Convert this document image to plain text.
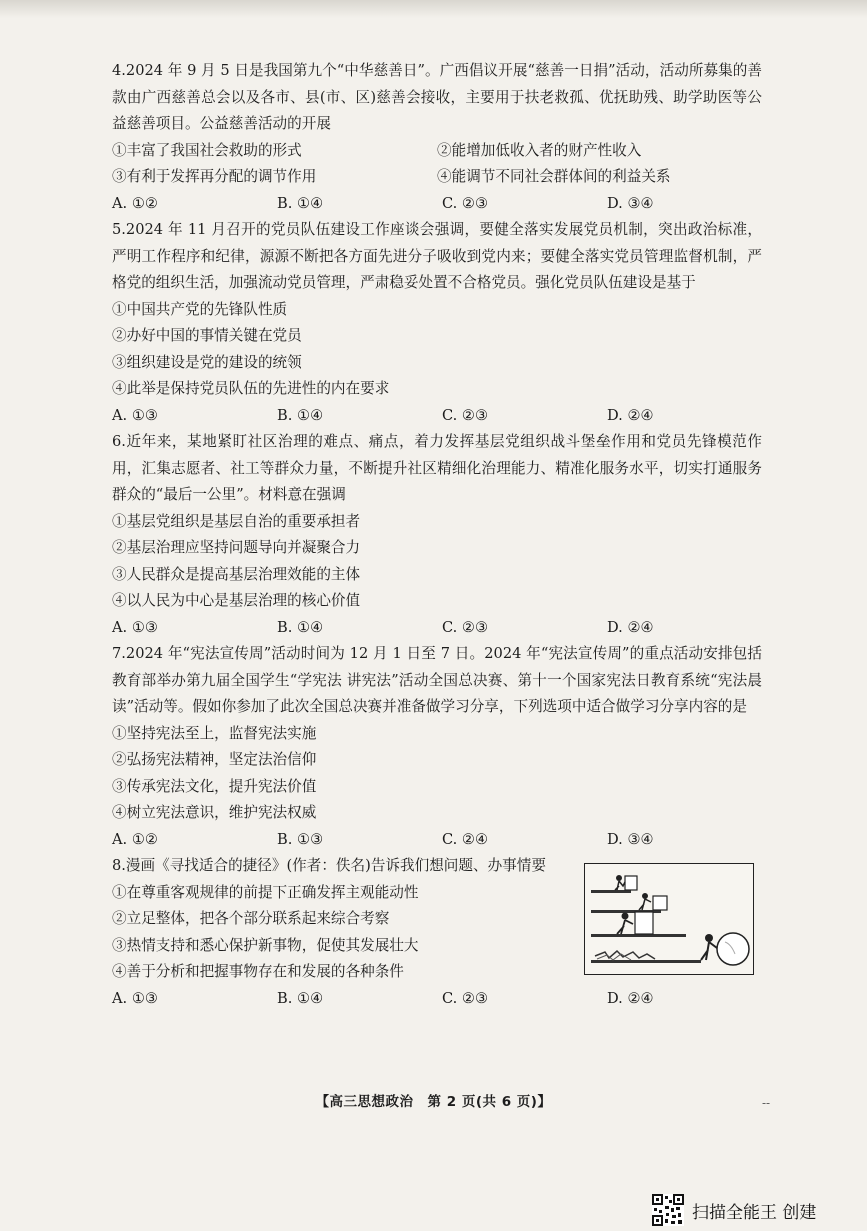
4.2024 年 9 月 5 日是我国第九个“中华慈善日”。广西倡议开展“慈善一日捐”活动，活动所募集的善款由广西慈善总会以及各市、县(市、区)慈善会接收，主要用于扶老救孤、优抚助残、助学助医等公益慈善项目。公益慈善活动的开展

①丰富了我国社会救助的形式	②能增加低收入者的财产性收入
③有利于发挥再分配的调节作用	④能调节不同社会群体间的利益关系
A. ①②	B. ①④	C. ②③	D. ③④

5.2024 年 11 月召开的党员队伍建设工作座谈会强调，要健全落实发展党员机制，突出政治标准，严明工作程序和纪律，源源不断把各方面先进分子吸收到党内来；要健全落实党员管理监督机制，严格党的组织生活，加强流动党员管理，严肃稳妥处置不合格党员。强化党员队伍建设是基于

①中国共产党的先锋队性质

②办好中国的事情关键在党员

③组织建设是党的建设的统领

④此举是保持党员队伍的先进性的内在要求

A. ①③	B. ①④	C. ②③	D. ②④

6.近年来，某地紧盯社区治理的难点、痛点，着力发挥基层党组织战斗堡垒作用和党员先锋模范作用，汇集志愿者、社工等群众力量，不断提升社区精细化治理能力、精准化服务水平，切实打通服务群众的“最后一公里”。材料意在强调

①基层党组织是基层自治的重要承担者

②基层治理应坚持问题导向并凝聚合力

③人民群众是提高基层治理效能的主体

④以人民为中心是基层治理的核心价值

A. ①③	B. ①④	C. ②③	D. ②④

7.2024 年“宪法宣传周”活动时间为 12 月 1 日至 7 日。2024 年“宪法宣传周”的重点活动安排包括教育部举办第九届全国学生“学宪法 讲宪法”活动全国总决赛、第十一个国家宪法日教育系统“宪法晨读”活动等。假如你参加了此次全国总决赛并准备做学习分享，下列选项中适合做学习分享内容的是

①坚持宪法至上，监督宪法实施

②弘扬宪法精神，坚定法治信仰

③传承宪法文化，提升宪法价值

④树立宪法意识，维护宪法权威

A. ①②	B. ①③	C. ②④	D. ③④

8.漫画《寻找适合的捷径》(作者：佚名)告诉我们想问题、办事情要

①在尊重客观规律的前提下正确发挥主观能动性

②立足整体，把各个部分联系起来综合考察

③热情支持和悉心保护新事物，促使其发展壮大

④善于分析和把握事物存在和发展的各种条件

A. ①③	B. ①④	C. ②③	D. ②④
【高三思想政治　第 2 页(共 6 页)】	--
扫描全能王 创建
